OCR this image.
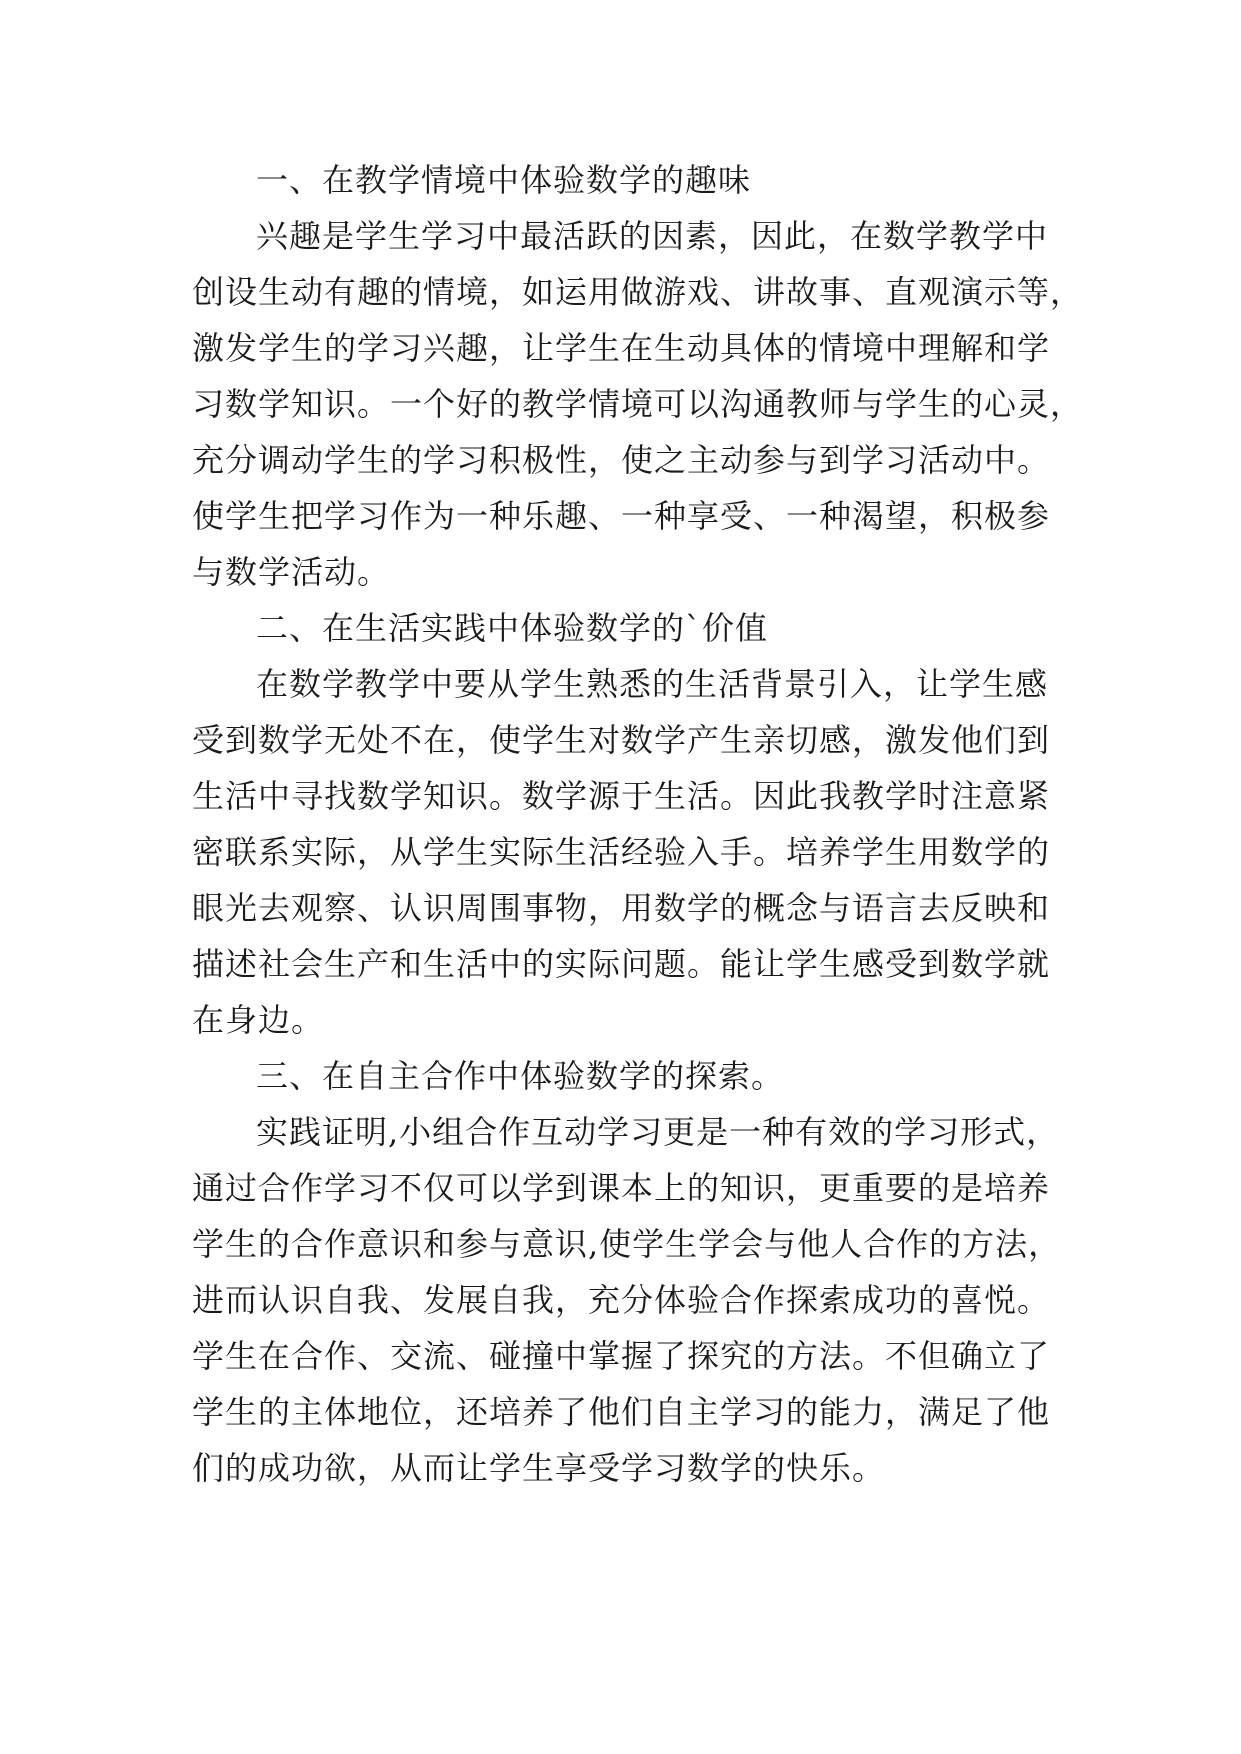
一、在教学情境中体验数学的趣味
兴趣是学生学习中最活跃的因素，因此，在数学教学中
创设生动有趣的情境，如运用做游戏、讲故事、直观演示等，
激发学生的学习兴趣，让学生在生动具体的情境中理解和学
习数学知识。一个好的教学情境可以沟通教师与学生的心灵，
充分调动学生的学习积极性，使之主动参与到学习活动中。
使学生把学习作为一种乐趣、一种享受、一种渴望，积极参
与数学活动。
二、在生活实践中体验数学的`价值
在数学教学中要从学生熟悉的生活背景引入，让学生感
受到数学无处不在，使学生对数学产生亲切感，激发他们到
生活中寻找数学知识。数学源于生活。因此我教学时注意紧
密联系实际，从学生实际生活经验入手。培养学生用数学的
眼光去观察、认识周围事物，用数学的概念与语言去反映和
描述社会生产和生活中的实际问题。能让学生感受到数学就
在身边。
三、在自主合作中体验数学的探索。
实践证明,小组合作互动学习更是一种有效的学习形式，
通过合作学习不仅可以学到课本上的知识，更重要的是培养
学生的合作意识和参与意识,使学生学会与他人合作的方法，
进而认识自我、发展自我，充分体验合作探索成功的喜悦。
学生在合作、交流、碰撞中掌握了探究的方法。不但确立了
学生的主体地位，还培养了他们自主学习的能力，满足了他
们的成功欲，从而让学生享受学习数学的快乐。
